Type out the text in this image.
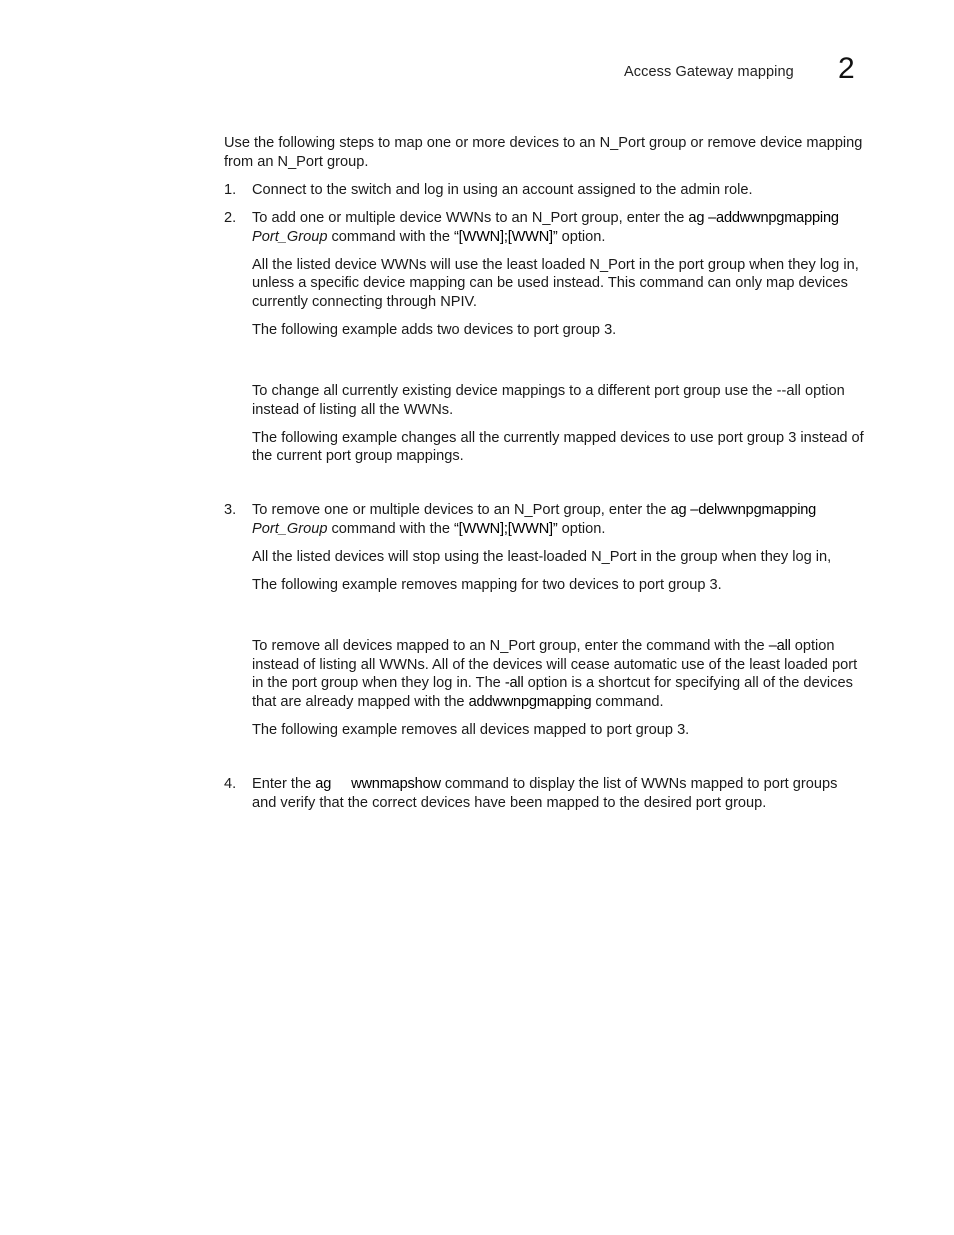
Access Gateway mapping 2
Use the following steps to map one or more devices to an N_Port group or remove device mapping
from an N_Port group.
1. Connect to the switch and log in using an account assigned to the admin role.
2. To add one or multiple device WWNs to an N_Port group, enter the ag –addwwnpgmapping
Port_Group command with the “[WWN];[WWN]” option.
All the listed device WWNs will use the least loaded N_Port in the port group when they log in,
unless a specific device mapping can be used instead. This command can only map devices
currently connecting through NPIV.
The following example adds two devices to port group 3.
To change all currently existing device mappings to a different port group use the --all option
instead of listing all the WWNs.
The following example changes all the currently mapped devices to use port group 3 instead of
the current port group mappings.
3. To remove one or multiple devices to an N_Port group, enter the ag –delwwnpgmapping
Port_Group command with the “[WWN];[WWN]” option.
All the listed devices will stop using the least-loaded N_Port in the group when they log in,
The following example removes mapping for two devices to port group 3.
To remove all devices mapped to an N_Port group, enter the command with the –all option
instead of listing all WWNs. All of the devices will cease automatic use of the least loaded port
in the port group when they log in. The -all option is a shortcut for specifying all of the devices
that are already mapped with the addwwnpgmapping command.
The following example removes all devices mapped to port group 3.
4. Enter the ag wwnmapshow command to display the list of WWNs mapped to port groups
and verify that the correct devices have been mapped to the desired port group.
